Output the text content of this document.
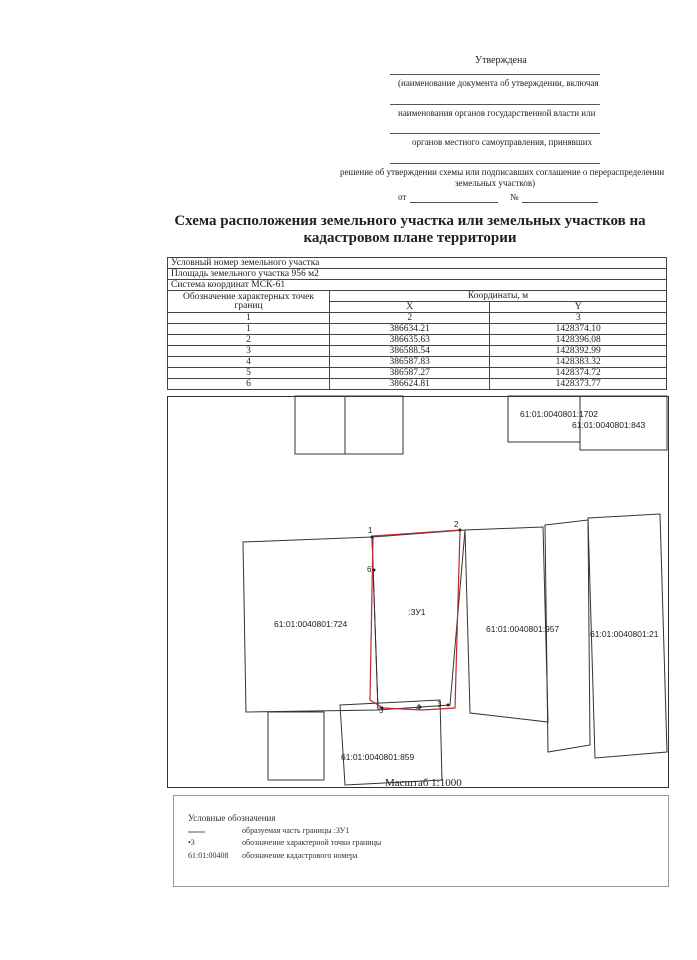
Утверждена
(наименование документа об утверждении, включая
наименования органов государственной власти или
органов местного самоуправления, принявших
решение об утверждении схемы или подписавших соглашение о перераспределении
земельных участков)
от	№
Схема расположения земельного участка или земельных участков на
кадастровом плане территории
Условный номер земельного участка		
Площадь земельного участка 956 м2		
Система координат МСК-61		
Обозначение характерных точек границ	Координаты, м	
	X	Y
1	2	3
1	386634.21	1428374.10
2	386635.63	1428396.08
3	386588.54	1428392.99
4	386587.83	1428383.32
5	386587.27	1428374.72
6	386624.81	1428373.77
61:01:0040801:1702
61:01:0040801:843
61:01:0040801:724
:ЗУ1
61:01:0040801:957	61:01:0040801:21
61:01:0040801:859
1
2
3
4
5
6
Масштаб 1:1000
Условные обозначения
образуемая часть границы :ЗУ1
•3	обозначение характерной точки границы
61:01:00408 обозначение кадастрового номера
